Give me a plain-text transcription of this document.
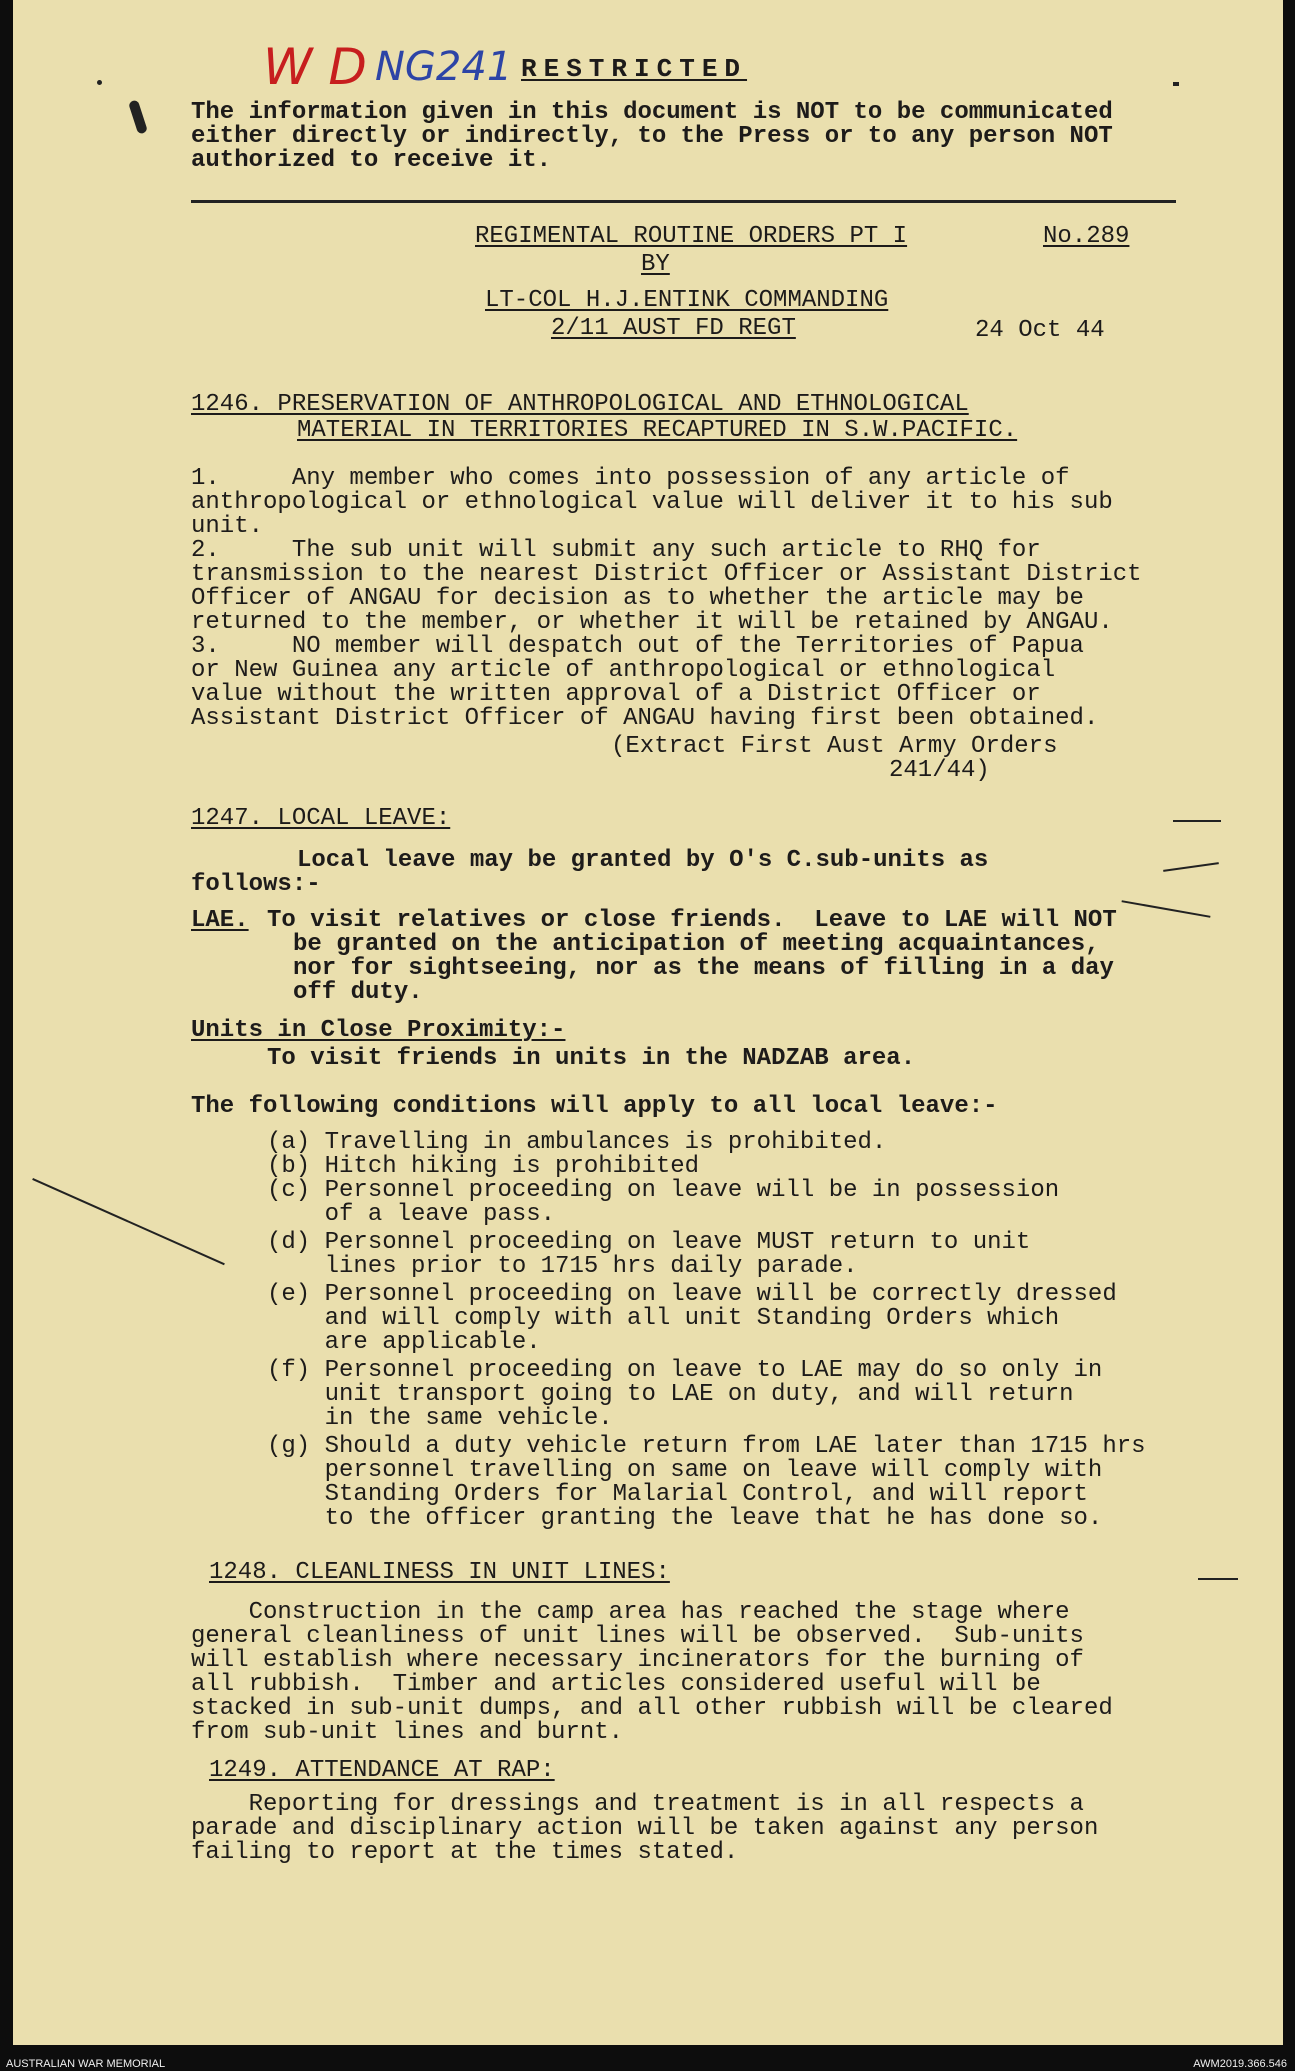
W D NG241 RESTRICTED

The information given in this document is NOT to be communicated

either directly or indirectly, to the Press or to any person NOT

authorized to receive it.

REGIMENTAL ROUTINE ORDERS PT I	No.289

BY

LT-COL H.J.ENTINK COMMANDING

2/11 AUST FD REGT	24 Oct 44

1246. PRESERVATION OF ANTHROPOLOGICAL AND ETHNOLOGICAL

MATERIAL IN TERRITORIES RECAPTURED IN S.W.PACIFIC.

1.     Any member who comes into possession of any article of

anthropological or ethnological value will deliver it to his sub

unit.

2.     The sub unit will submit any such article to RHQ for

transmission to the nearest District Officer or Assistant District

Officer of ANGAU for decision as to whether the article may be

returned to the member, or whether it will be retained by ANGAU.

3.     NO member will despatch out of the Territories of Papua

or New Guinea any article of anthropological or ethnological

value without the written approval of a District Officer or

Assistant District Officer of ANGAU having first been obtained.

(Extract First Aust Army Orders

241/44)

1247. LOCAL LEAVE:

Local leave may be granted by O's C.sub-units as

follows:-

LAE. To visit relatives or close friends.  Leave to LAE will NOT

be granted on the anticipation of meeting acquaintances,

nor for sightseeing, nor as the means of filling in a day

off duty.

Units in Close Proximity:-

To visit friends in units in the NADZAB area.

The following conditions will apply to all local leave:-

(a) Travelling in ambulances is prohibited.

(b) Hitch hiking is prohibited

(c) Personnel proceeding on leave will be in possession

of a leave pass.

(d) Personnel proceeding on leave MUST return to unit

lines prior to 1715 hrs daily parade.

(e) Personnel proceeding on leave will be correctly dressed

and will comply with all unit Standing Orders which

are applicable.

(f) Personnel proceeding on leave to LAE may do so only in

unit transport going to LAE on duty, and will return

in the same vehicle.

(g) Should a duty vehicle return from LAE later than 1715 hrs

personnel travelling on same on leave will comply with

Standing Orders for Malarial Control, and will report

to the officer granting the leave that he has done so.

1248. CLEANLINESS IN UNIT LINES:

Construction in the camp area has reached the stage where

general cleanliness of unit lines will be observed.  Sub-units

will establish where necessary incinerators for the burning of

all rubbish.  Timber and articles considered useful will be

stacked in sub-unit dumps, and all other rubbish will be cleared

from sub-unit lines and burnt.

1249. ATTENDANCE AT RAP:

Reporting for dressings and treatment is in all respects a

parade and disciplinary action will be taken against any person

failing to report at the times stated.

AUSTRALIAN WAR MEMORIAL	AWM2019.366.546
